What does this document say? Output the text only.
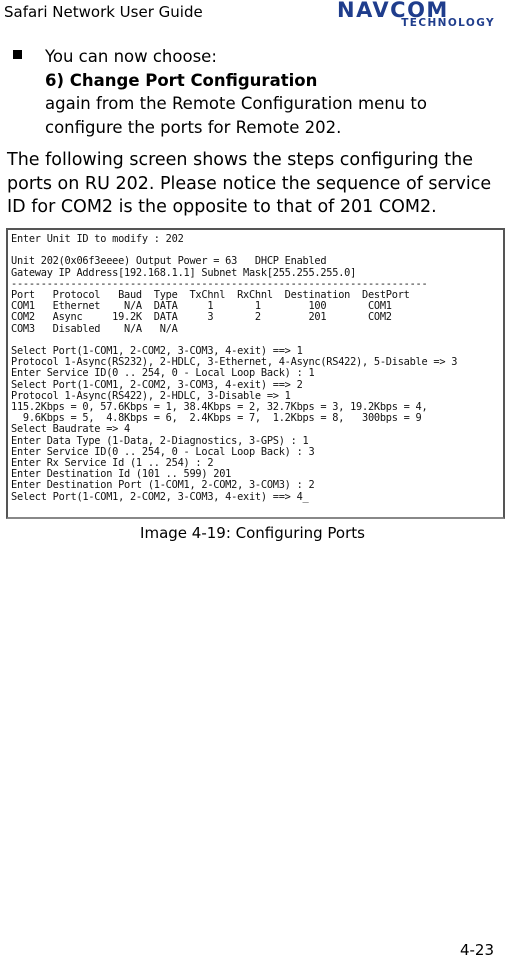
Safari Network User Guide	NAVCOM
TECHNOLOGY
You can now choose:
6) Change Port Configuration
again from the Remote Configuration menu to
configure the ports for Remote 202.
The following screen shows the steps configuring the ports on RU 202. Please notice the sequence of service ID for COM2 is the opposite to that of 201 COM2.
Enter Unit ID to modify : 202
Unit 202(0x06f3eeee) Output Power = 63   DHCP Enabled
Gateway IP Address[192.168.1.1] Subnet Mask[255.255.255.0]
----------------------------------------------------------------------
Port   Protocol   Baud  Type  TxChnl  RxChnl  Destination  DestPort
COM1   Ethernet    N/A  DATA     1       1        100       COM1
COM2   Async     19.2K  DATA     3       2        201       COM2
COM3   Disabled    N/A   N/A
Select Port(1-COM1, 2-COM2, 3-COM3, 4-exit) ==> 1
Protocol 1-Async(RS232), 2-HDLC, 3-Ethernet, 4-Async(RS422), 5-Disable => 3
Enter Service ID(0 .. 254, 0 - Local Loop Back) : 1
Select Port(1-COM1, 2-COM2, 3-COM3, 4-exit) ==> 2
Protocol 1-Async(RS422), 2-HDLC, 3-Disable => 1
115.2Kbps = 0, 57.6Kbps = 1, 38.4Kbps = 2, 32.7Kbps = 3, 19.2Kbps = 4,
9.6Kbps = 5,  4.8Kbps = 6,  2.4Kbps = 7,  1.2Kbps = 8,   300bps = 9
Select Baudrate => 4
Enter Data Type (1-Data, 2-Diagnostics, 3-GPS) : 1
Enter Service ID(0 .. 254, 0 - Local Loop Back) : 3
Enter Rx Service Id (1 .. 254) : 2
Enter Destination Id (101 .. 599) 201
Enter Destination Port (1-COM1, 2-COM2, 3-COM3) : 2
Select Port(1-COM1, 2-COM2, 3-COM3, 4-exit) ==> 4_
Image 4-19: Configuring Ports
4-23
